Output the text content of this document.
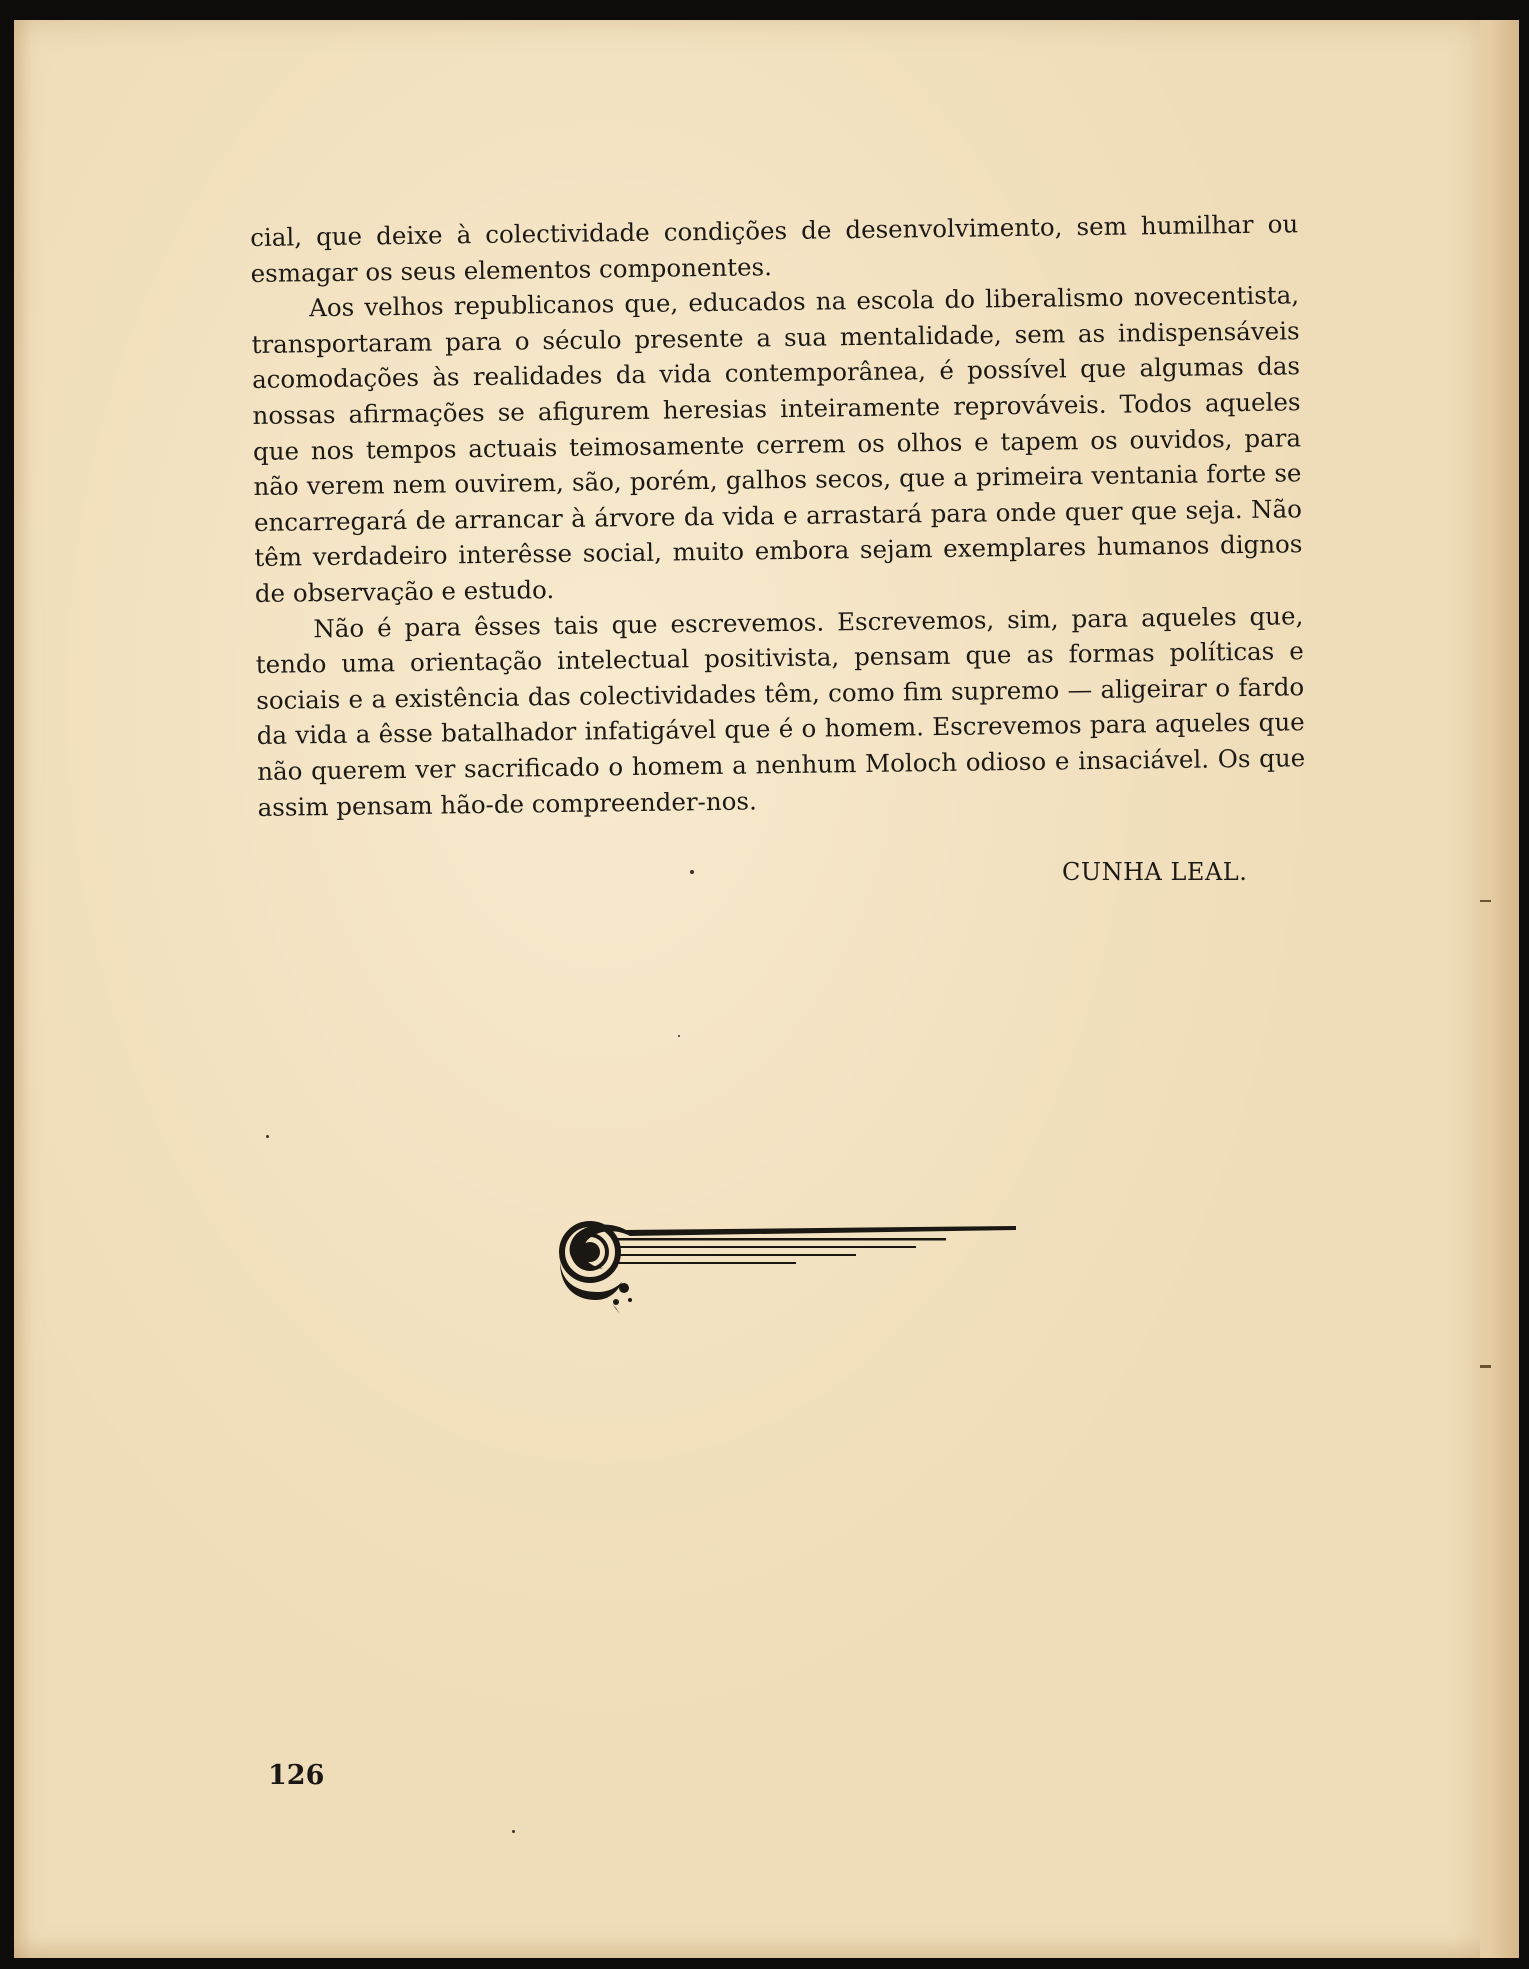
cial, que deixe à colectividade condições de desenvolvimento, sem humilhar ou esmagar os seus elementos componentes.

Aos velhos republicanos que, educados na escola do liberalismo novecentista, transportaram para o século presente a sua mentalidade, sem as indispensáveis acomodações às realidades da vida contemporânea, é possível que algumas das nossas afirmações se afigurem heresias inteiramente reprováveis. Todos aqueles que nos tempos actuais teimosamente cerrem os olhos e tapem os ouvidos, para não verem nem ouvirem, são, porém, galhos secos, que a primeira ventania forte se encarregará de arrancar à árvore da vida e arrastará para onde quer que seja. Não têm verdadeiro interêsse social, muito embora sejam exemplares humanos dignos de observação e estudo.

Não é para êsses tais que escrevemos. Escrevemos, sim, para aqueles que, tendo uma orientação intelectual positivista, pensam que as formas políticas e sociais e a existência das colectividades têm, como fim supremo — aligeirar o fardo da vida a êsse batalhador infatigável que é o homem. Escrevemos para aqueles que não querem ver sacrificado o homem a nenhum Moloch odioso e insaciável. Os que assim pensam hão-de compreender-nos.

CUNHA LEAL.
126
